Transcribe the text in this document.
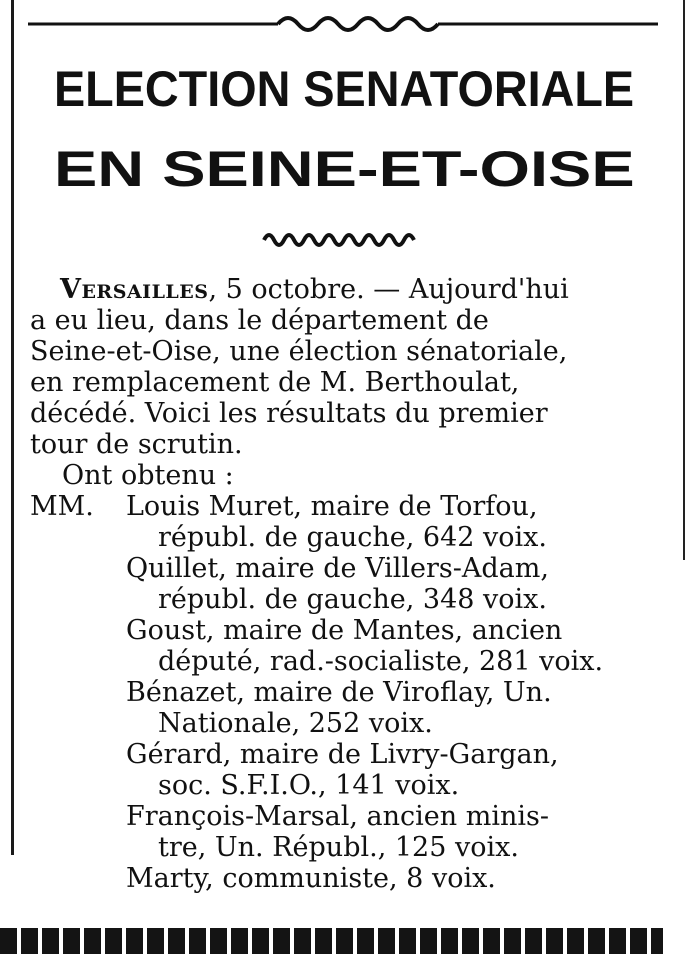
ELECTION SENATORIALE
EN SEINE-ET-OISE
Versailles, 5 octobre. — Aujourd'hui
a eu lieu, dans le département de
Seine-et-Oise, une élection sénatoriale,
en remplacement de M. Berthoulat,
décédé. Voici les résultats du premier
tour de scrutin.
Ont obtenu :
MM. Louis Muret, maire de Torfou,
républ. de gauche, 642 voix.
Quillet, maire de Villers-Adam,
républ. de gauche, 348 voix.
Goust, maire de Mantes, ancien
député, rad.-socialiste, 281 voix.
Bénazet, maire de Viroflay, Un.
Nationale, 252 voix.
Gérard, maire de Livry-Gargan,
soc. S.F.I.O., 141 voix.
François-Marsal, ancien minis-
tre, Un. Républ., 125 voix.
Marty, communiste, 8 voix.
